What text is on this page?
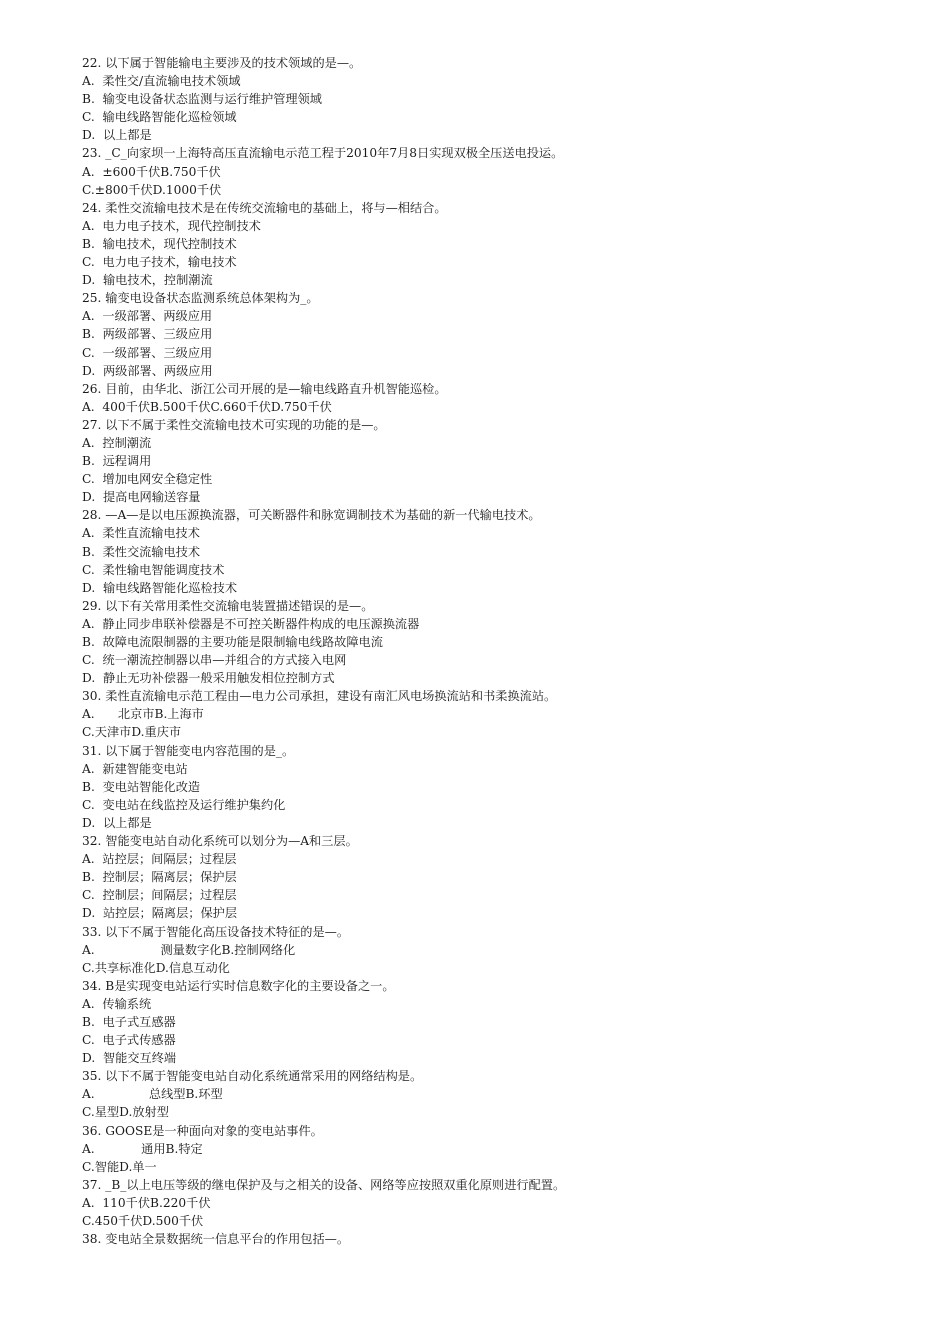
22. 以下属于智能输电主要涉及的技术领域的是—。
A.  柔性交/直流输电技术领域
B.  输变电设备状态监测与运行维护管理领域
C.  输电线路智能化巡检领域
D.  以上都是
23. _C_向家坝一上海特高压直流输电示范工程于2010年7月8日实现双极全压送电投运。
A.  ±600千伏B.750千伏
C.±800千伏D.1000千伏
24. 柔性交流输电技术是在传统交流输电的基础上，将与—相结合。
A.  电力电子技术，现代控制技术
B.  输电技术，现代控制技术
C.  电力电子技术，输电技术
D.  输电技术，控制潮流
25. 输变电设备状态监测系统总体架构为_。
A.  一级部署、两级应用
B.  两级部署、三级应用
C.  一级部署、三级应用
D.  两级部署、两级应用
26. 目前，由华北、浙江公司开展的是—输电线路直升机智能巡检。
A.  400千伏B.500千伏C.660千伏D.750千伏
27. 以下不属于柔性交流输电技术可实现的功能的是—。
A.  控制潮流
B.  远程调用
C.  增加电网安全稳定性
D.  提高电网输送容量
28. —A—是以电压源换流器，可关断器件和脉宽调制技术为基础的新一代输电技术。
A.  柔性直流输电技术
B.  柔性交流输电技术
C.  柔性输电智能调度技术
D.  输电线路智能化巡检技术
29. 以下有关常用柔性交流输电装置描述错误的是—。
A.  静止同步串联补偿器是不可控关断器件构成的电压源换流器
B.  故障电流限制器的主要功能是限制输电线路故障电流
C.  统一潮流控制器以串—并组合的方式接入电网
D.  静止无功补偿器一般采用触发相位控制方式
30. 柔性直流输电示范工程由—电力公司承担，建设有南汇风电场换流站和书柔换流站。
A.      北京市B.上海市
C.天津市D.重庆市
31. 以下属于智能变电内容范围的是_。
A.  新建智能变电站
B.  变电站智能化改造
C.  变电站在线监控及运行维护集约化
D.  以上都是
32. 智能变电站自动化系统可以划分为—A和三层。
A.  站控层；间隔层；过程层
B.  控制层；隔离层；保护层
C.  控制层；间隔层；过程层
D.  站控层；隔离层；保护层
33. 以下不属于智能化高压设备技术特征的是—。
A.                 测量数字化B.控制网络化
C.共享标准化D.信息互动化
34. B是实现变电站运行实时信息数字化的主要设备之一。
A.  传输系统
B.  电子式互感器
C.  电子式传感器
D.  智能交互终端
35. 以下不属于智能变电站自动化系统通常采用的网络结构是。
A.              总线型B.环型
C.星型D.放射型
36. GOOSE是一种面向对象的变电站事件。
A.            通用B.特定
C.智能D.单一
37. _B_以上电压等级的继电保护及与之相关的设备、网络等应按照双重化原则进行配置。
A.  110千伏B.220千伏
C.450千伏D.500千伏
38. 变电站全景数据统一信息平台的作用包括—。
